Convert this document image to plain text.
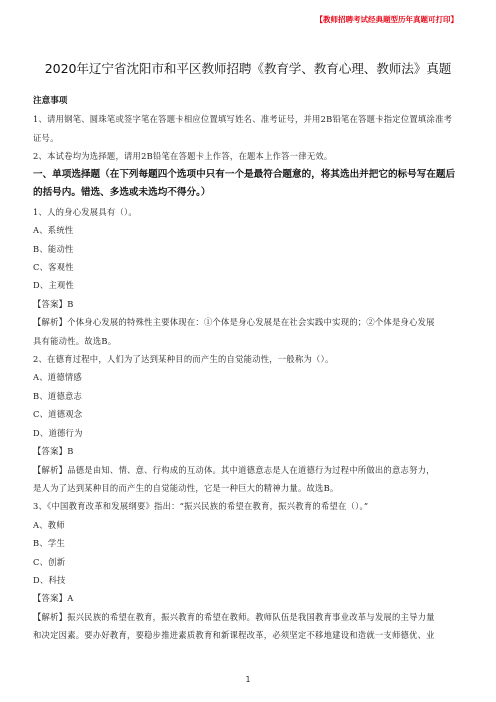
【教师招聘考试经典题型历年真题可打印】
2020年辽宁省沈阳市和平区教师招聘《教育学、教育心理、教师法》真题
注意事项
1、请用钢笔、圆珠笔或签字笔在答题卡相应位置填写姓名、准考证号，并用2B铅笔在答题卡指定位置填涂准考
证号。
2、本试卷均为选择题，请用2B铅笔在答题卡上作答，在题本上作答一律无效。
一、单项选择题（在下列每题四个选项中只有一个是最符合题意的，将其选出并把它的标号写在题后
的括号内。错选、多选或未选均不得分。）
1、人的身心发展具有（）。
A、系统性
B、能动性
C、客观性
D、主观性
【答案】B
【解析】个体身心发展的特殊性主要体现在：①个体是身心发展是在社会实践中实现的；②个体是身心发展
具有能动性。故选B。
2、在德育过程中，人们为了达到某种目的而产生的自觉能动性，一般称为（）。
A、道德情感
B、道德意志
C、道德观念
D、道德行为
【答案】B
【解析】品德是由知、情、意、行构成的互动体。其中道德意志是人在道德行为过程中所做出的意志努力，
是人为了达到某种目的而产生的自觉能动性，它是一种巨大的精神力量。故选B。
3、《中国教育改革和发展纲要》指出：“振兴民族的希望在教育，振兴教育的希望在（）。”
A、教师
B、学生
C、创新
D、科技
【答案】A
【解析】振兴民族的希望在教育，振兴教育的希望在教师。教师队伍是我国教育事业改革与发展的主导力量
和决定因素。要办好教育，要稳步推进素质教育和新课程改革，必须坚定不移地建设和造就一支师德优、业
1
